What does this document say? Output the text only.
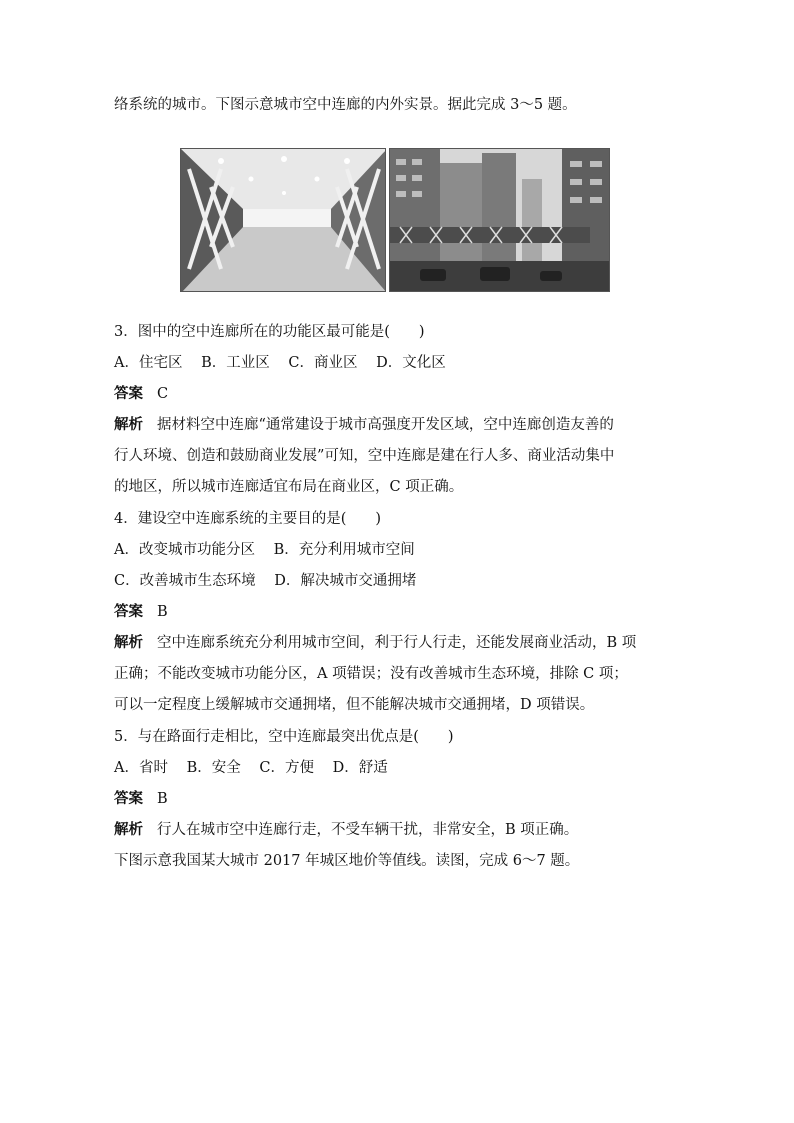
络系统的城市。下图示意城市空中连廊的内外实景。据此完成 3～5 题。
3．图中的空中连廊所在的功能区最可能是(　　)
A．住宅区 B．工业区 C．商业区 D．文化区
答案 C
解析 据材料空中连廊“通常建设于城市高强度开发区域，空中连廊创造友善的
行人环境、创造和鼓励商业发展”可知，空中连廊是建在行人多、商业活动集中
的地区，所以城市连廊适宜布局在商业区，C 项正确。
4．建设空中连廊系统的主要目的是(　　)
A．改变城市功能分区 B．充分利用城市空间
C．改善城市生态环境 D．解决城市交通拥堵
答案 B
解析 空中连廊系统充分利用城市空间，利于行人行走，还能发展商业活动，B 项
正确；不能改变城市功能分区，A 项错误；没有改善城市生态环境，排除 C 项；
可以一定程度上缓解城市交通拥堵，但不能解决城市交通拥堵，D 项错误。
5．与在路面行走相比，空中连廊最突出优点是(　　)
A．省时 B．安全 C．方便 D．舒适
答案 B
解析 行人在城市空中连廊行走，不受车辆干扰，非常安全，B 项正确。
下图示意我国某大城市 2017 年城区地价等值线。读图，完成 6～7 题。
